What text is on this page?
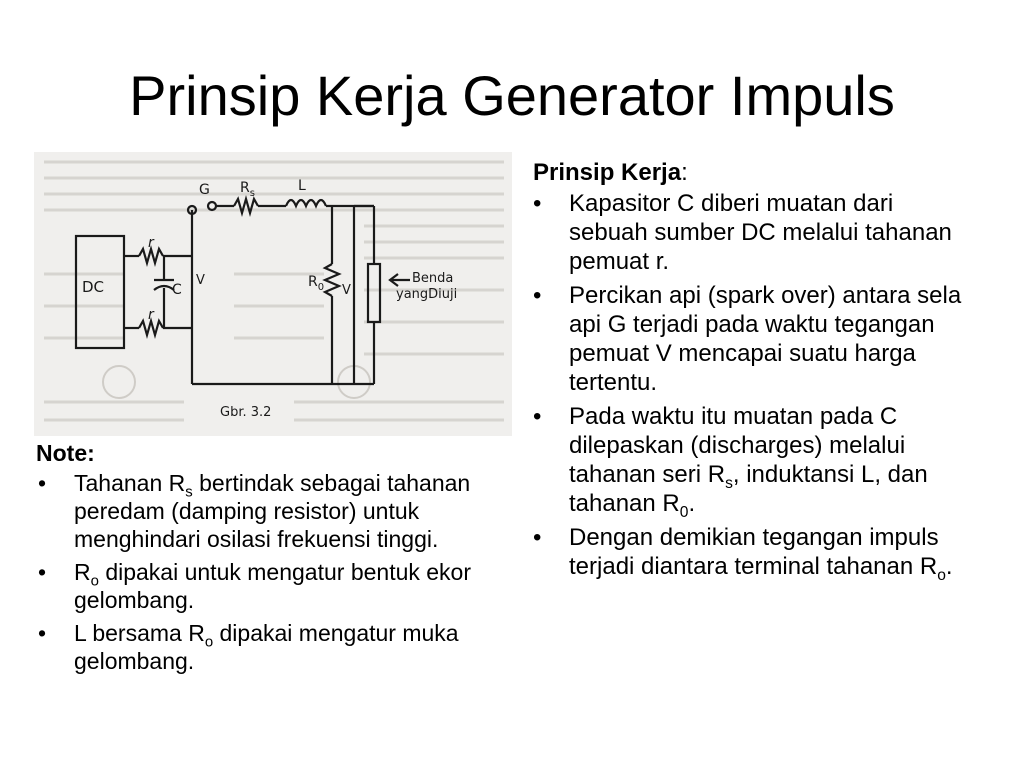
Prinsip Kerja Generator Impuls
DC
r
r
C
V
G $R_s$	L
$R_0$ V
Benda
yangDiuji
Gbr. 3.2
Prinsip Kerja:
• Kapasitor C diberi muatan dari sebuah sumber DC melalui tahanan pemuat r.
• Percikan api (spark over) antara sela api G terjadi pada waktu tegangan pemuat V mencapai suatu harga tertentu.
• Pada waktu itu muatan pada C dilepaskan (discharges) melalui tahanan seri $R_s$, induktansi L, dan tahanan $R_0$.
• Dengan demikian tegangan impuls terjadi diantara terminal tahanan $R_o$.
Note:
• Tahanan $R_s$ bertindak sebagai tahanan peredam (damping resistor) untuk menghindari osilasi frekuensi tinggi.
• $R_o$ dipakai untuk mengatur bentuk ekor gelombang.
• L bersama $R_o$ dipakai mengatur muka gelombang.
